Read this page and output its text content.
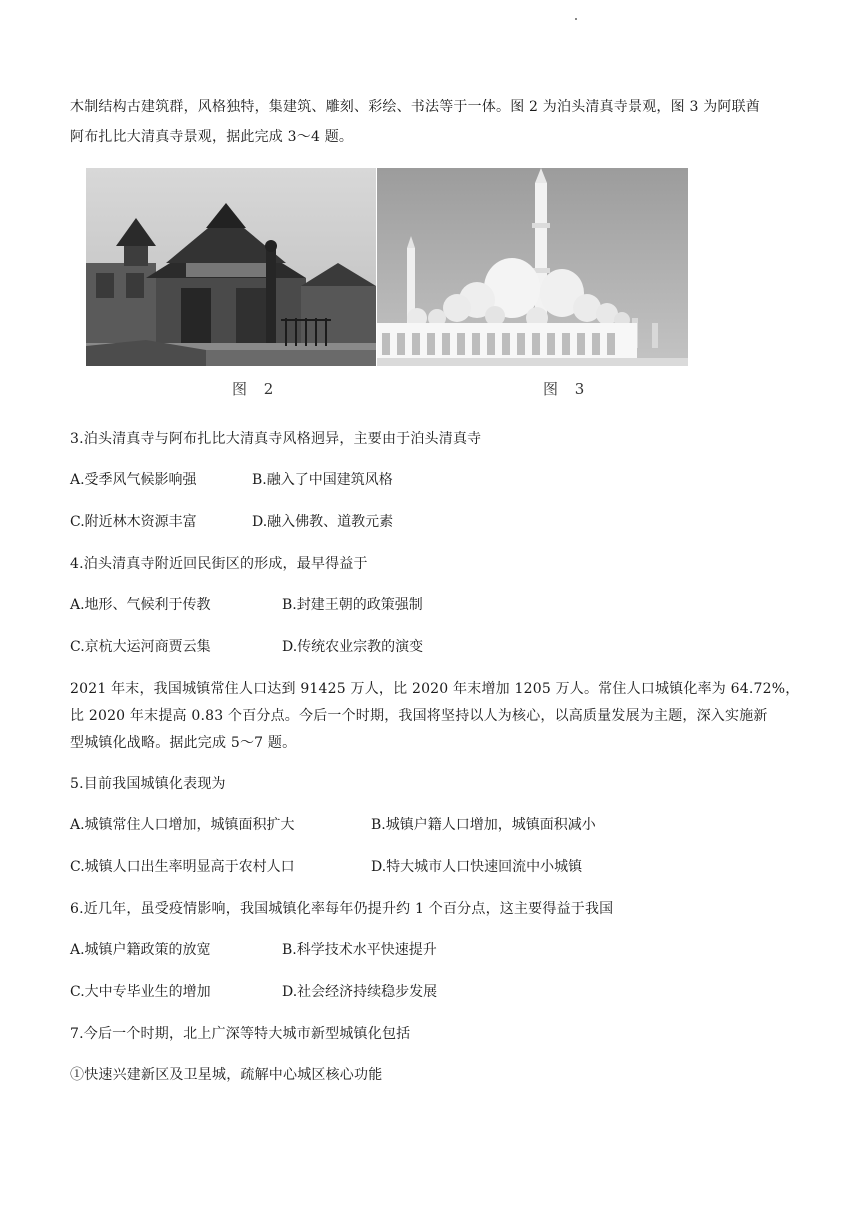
木制结构古建筑群，风格独特，集建筑、雕刻、彩绘、书法等于一体。图 2 为泊头清真寺景观，图 3 为阿联酋
阿布扎比大清真寺景观，据此完成 3～4 题。
图 2	图 3
3.泊头清真寺与阿布扎比大清真寺风格迥异，主要由于泊头清真寺
A.受季风气候影响强	B.融入了中国建筑风格
C.附近林木资源丰富	D.融入佛教、道教元素
4.泊头清真寺附近回民街区的形成，最早得益于
A.地形、气候利于传教	B.封建王朝的政策强制
C.京杭大运河商贾云集	D.传统农业宗教的演变
2021 年末，我国城镇常住人口达到 91425 万人，比 2020 年末增加 1205 万人。常住人口城镇化率为 64.72%，
比 2020 年末提高 0.83 个百分点。今后一个时期，我国将坚持以人为核心，以高质量发展为主题，深入实施新
型城镇化战略。据此完成 5～7 题。
5.目前我国城镇化表现为
A.城镇常住人口增加，城镇面积扩大	B.城镇户籍人口增加，城镇面积减小
C.城镇人口出生率明显高于农村人口	D.特大城市人口快速回流中小城镇
6.近几年，虽受疫情影响，我国城镇化率每年仍提升约 1 个百分点，这主要得益于我国
A.城镇户籍政策的放宽	B.科学技术水平快速提升
C.大中专毕业生的增加	D.社会经济持续稳步发展
7.今后一个时期，北上广深等特大城市新型城镇化包括
①快速兴建新区及卫星城，疏解中心城区核心功能
